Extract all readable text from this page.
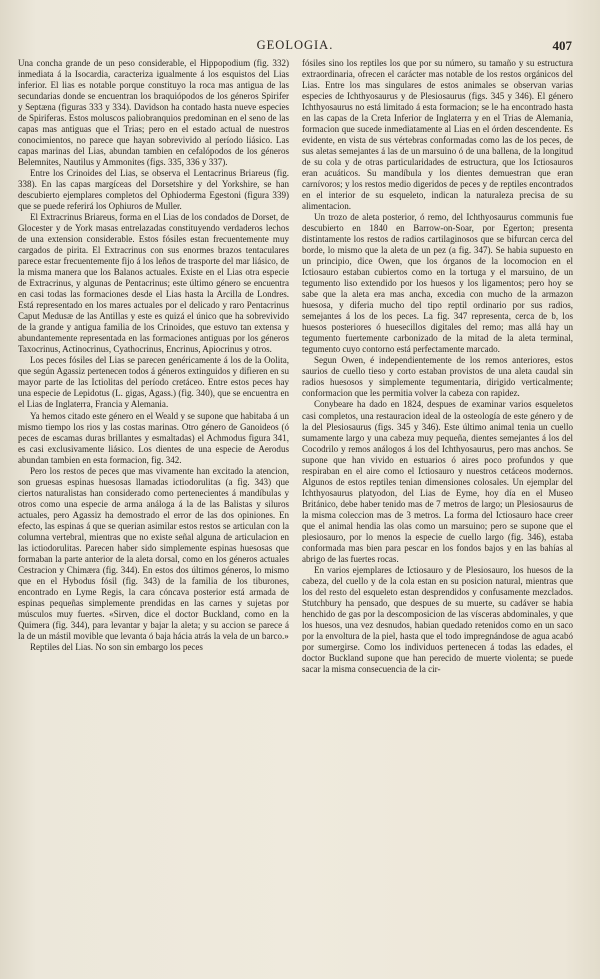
GEOLOGIA.	407

Una concha grande de un peso considerable, el Hippopodium (fig. 332) inmediata á la Isocardia, caracteriza igualmente á los esquistos del Lias inferior. El lias es notable porque constituyo la roca mas antigua de las secundarias donde se encuentran los braquiópodos de los géneros Spirifer y Septæna (figuras 333 y 334). Davidson ha contado hasta nueve especies de Spiriferas. Estos moluscos paliobranquios predominan en el seno de las capas mas antiguas que el Trias; pero en el estado actual de nuestros conocimientos, no parece que hayan sobrevivido al período liásico. Las capas marinas del Lias, abundan tambien en cefalópodos de los géneros Belemnites, Nautilus y Ammonites (figs. 335, 336 y 337).

Entre los Crinoides del Lias, se observa el Lentacrinus Briareus (fig. 338). En las capas margíceas del Dorsetshire y del Yorkshire, se han descubierto ejemplares completos del Ophioderma Egestoni (figura 339) que se puede referirá los Ophiuros de Muller.

El Extracrinus Briareus, forma en el Lias de los condados de Dorset, de Glocester y de York masas entrelazadas constituyendo verdaderos lechos de una extension considerable. Estos fósiles estan frecuentemente muy cargados de pirita. El Extracrinus con sus enormes brazos tentaculares parece estar frecuentemente fijo á los leños de trasporte del mar liásico, de la misma manera que los Balanos actuales. Existe en el Lias otra especie de Extracrinus, y algunas de Pentacrinus; este último género se encuentra en casi todas las formaciones desde el Lias hasta la Arcilla de Londres. Está representado en los mares actuales por el delicado y raro Pentacrinus Caput Medusæ de las Antillas y este es quizá el único que ha sobrevivido de la grande y antigua familia de los Crinoides, que estuvo tan extensa y abundantemente representada en las formaciones antiguas por los géneros Taxocrinus, Actinocrinus, Cyathocrinus, Encrinus, Apiocrinus y otros.

Los peces fósiles del Lias se parecen genéricamente á los de la Oolita, que según Agassiz pertenecen todos á géneros extinguidos y difieren en su mayor parte de las Ictiolitas del período cretáceo. Entre estos peces hay una especie de Lepidotus (L. gigas, Agass.) (fig. 340), que se encuentra en el Lias de Inglaterra, Francia y Alemania.

Ya hemos citado este género en el Weald y se supone que habitaba á un mismo tiempo los rios y las costas marinas. Otro género de Ganoideos (ó peces de escamas duras brillantes y esmaltadas) el Achmodus figura 341, es casi exclusivamente liásico. Los dientes de una especie de Aerodus abundan tambien en esta formacion, fig. 342.

Pero los restos de peces que mas vivamente han excitado la atencion, son gruesas espinas huesosas llamadas ictiodorulitas (a fig. 343) que ciertos naturalistas han considerado como pertenecientes á mandíbulas y otros como una especie de arma análoga á la de las Balistas y siluros actuales, pero Agassiz ha demostrado el error de las dos opiniones. En efecto, las espinas á que se querian asimilar estos restos se articulan con la columna vertebral, mientras que no existe señal alguna de articulacion en las ictiodorulitas. Parecen haber sido simplemente espinas huesosas que formaban la parte anterior de la aleta dorsal, como en los géneros actuales Cestracion y Chimæra (fig. 344). En estos dos últimos géneros, lo mismo que en el Hybodus fósil (fig. 343) de la familia de los tiburones, encontrado en Lyme Regis, la cara cóncava posterior está armada de espinas pequeñas simplemente prendidas en las carnes y sujetas por músculos muy fuertes. «Sirven, dice el doctor Buckland, como en la Quimera (fig. 344), para levantar y bajar la aleta; y su accion se parece á la de un mástil movible que levanta ó baja hácia atrás la vela de un barco.»

Reptiles del Lias. No son sin embargo los peces

fósiles sino los reptiles los que por su número, su tamaño y su estructura extraordinaria, ofrecen el carácter mas notable de los restos orgánicos del Lias. Entre los mas singulares de estos animales se observan varias especies de Ichthyosaurus y de Plesiosaurus (figs. 345 y 346). El género Ichthyosaurus no está limitado á esta formacion; se le ha encontrado hasta en las capas de la Creta Inferior de Inglaterra y en el Trias de Alemania, formacion que sucede inmediatamente al Lias en el órden descendente. Es evidente, en vista de sus vértebras conformadas como las de los peces, de sus aletas semejantes á las de un marsuino ó de una ballena, de la longitud de su cola y de otras particularidades de estructura, que los Ictiosauros eran acuáticos. Su mandíbula y los dientes demuestran que eran carnívoros; y los restos medio digeridos de peces y de reptiles encontrados en el interior de su esqueleto, indican la naturaleza precisa de su alimentacion.

Un trozo de aleta posterior, ó remo, del Ichthyosaurus communis fue descubierto en 1840 en Barrow-on-Soar, por Egerton; presenta distintamente los restos de radios cartilaginosos que se bifurcan cerca del borde, lo mismo que la aleta de un pez (a fig. 347). Se habia supuesto en un principio, dice Owen, que los órganos de la locomocion en el Ictiosauro estaban cubiertos como en la tortuga y el marsuino, de un tegumento liso extendido por los huesos y los ligamentos; pero hoy se sabe que la aleta era mas ancha, excedia con mucho de la armazon huesosa, y diferia mucho del tipo reptil ordinario por sus radios, semejantes á los de los peces. La fig. 347 representa, cerca de b, los huesos posteriores ó huesecillos digitales del remo; mas allá hay un tegumento fuertemente carbonizado de la mitad de la aleta terminal, tegumento cuyo contorno está perfectamente marcado.

Segun Owen, é independientemente de los remos anteriores, estos saurios de cuello tieso y corto estaban provistos de una aleta caudal sin radios huesosos y simplemente tegumentaria, dirigido verticalmente; conformacion que les permitia volver la cabeza con rapidez.

Conybeare ha dado en 1824, despues de examinar varios esqueletos casi completos, una restauracion ideal de la osteología de este género y de la del Plesiosaurus (figs. 345 y 346). Este último animal tenia un cuello sumamente largo y una cabeza muy pequeña, dientes semejantes á los del Cocodrilo y remos análogos á los del Ichthyosaurus, pero mas anchos. Se supone que han vivido en estuarios ó aires poco profundos y que respiraban en el aire como el Ictiosauro y nuestros cetáceos modernos. Algunos de estos reptiles tenian dimensiones colosales. Un ejemplar del Ichthyosaurus platyodon, del Lias de Eyme, hoy día en el Museo Británico, debe haber tenido mas de 7 metros de largo; un Plesiosaurus de la misma coleccion mas de 3 metros. La forma del Ictiosauro hace creer que el animal hendia las olas como un marsuino; pero se supone que el plesiosauro, por lo menos la especie de cuello largo (fig. 346), estaba conformada mas bien para pescar en los fondos bajos y en las bahías al abrigo de las fuertes rocas.

En varios ejemplares de Ictiosauro y de Plesiosauro, los huesos de la cabeza, del cuello y de la cola estan en su posicion natural, mientras que los del resto del esqueleto estan desprendidos y confusamente mezclados. Stutchbury ha pensado, que despues de su muerte, su cadáver se habia henchido de gas por la descomposicion de las vísceras abdominales, y que los huesos, una vez desnudos, habian quedado retenidos como en un saco por la envoltura de la piel, hasta que el todo impregnándose de agua acabó por sumergirse. Como los individuos pertenecen á todas las edades, el doctor Buckland supone que han perecido de muerte violenta; se puede sacar la misma consecuencia de la cir-
